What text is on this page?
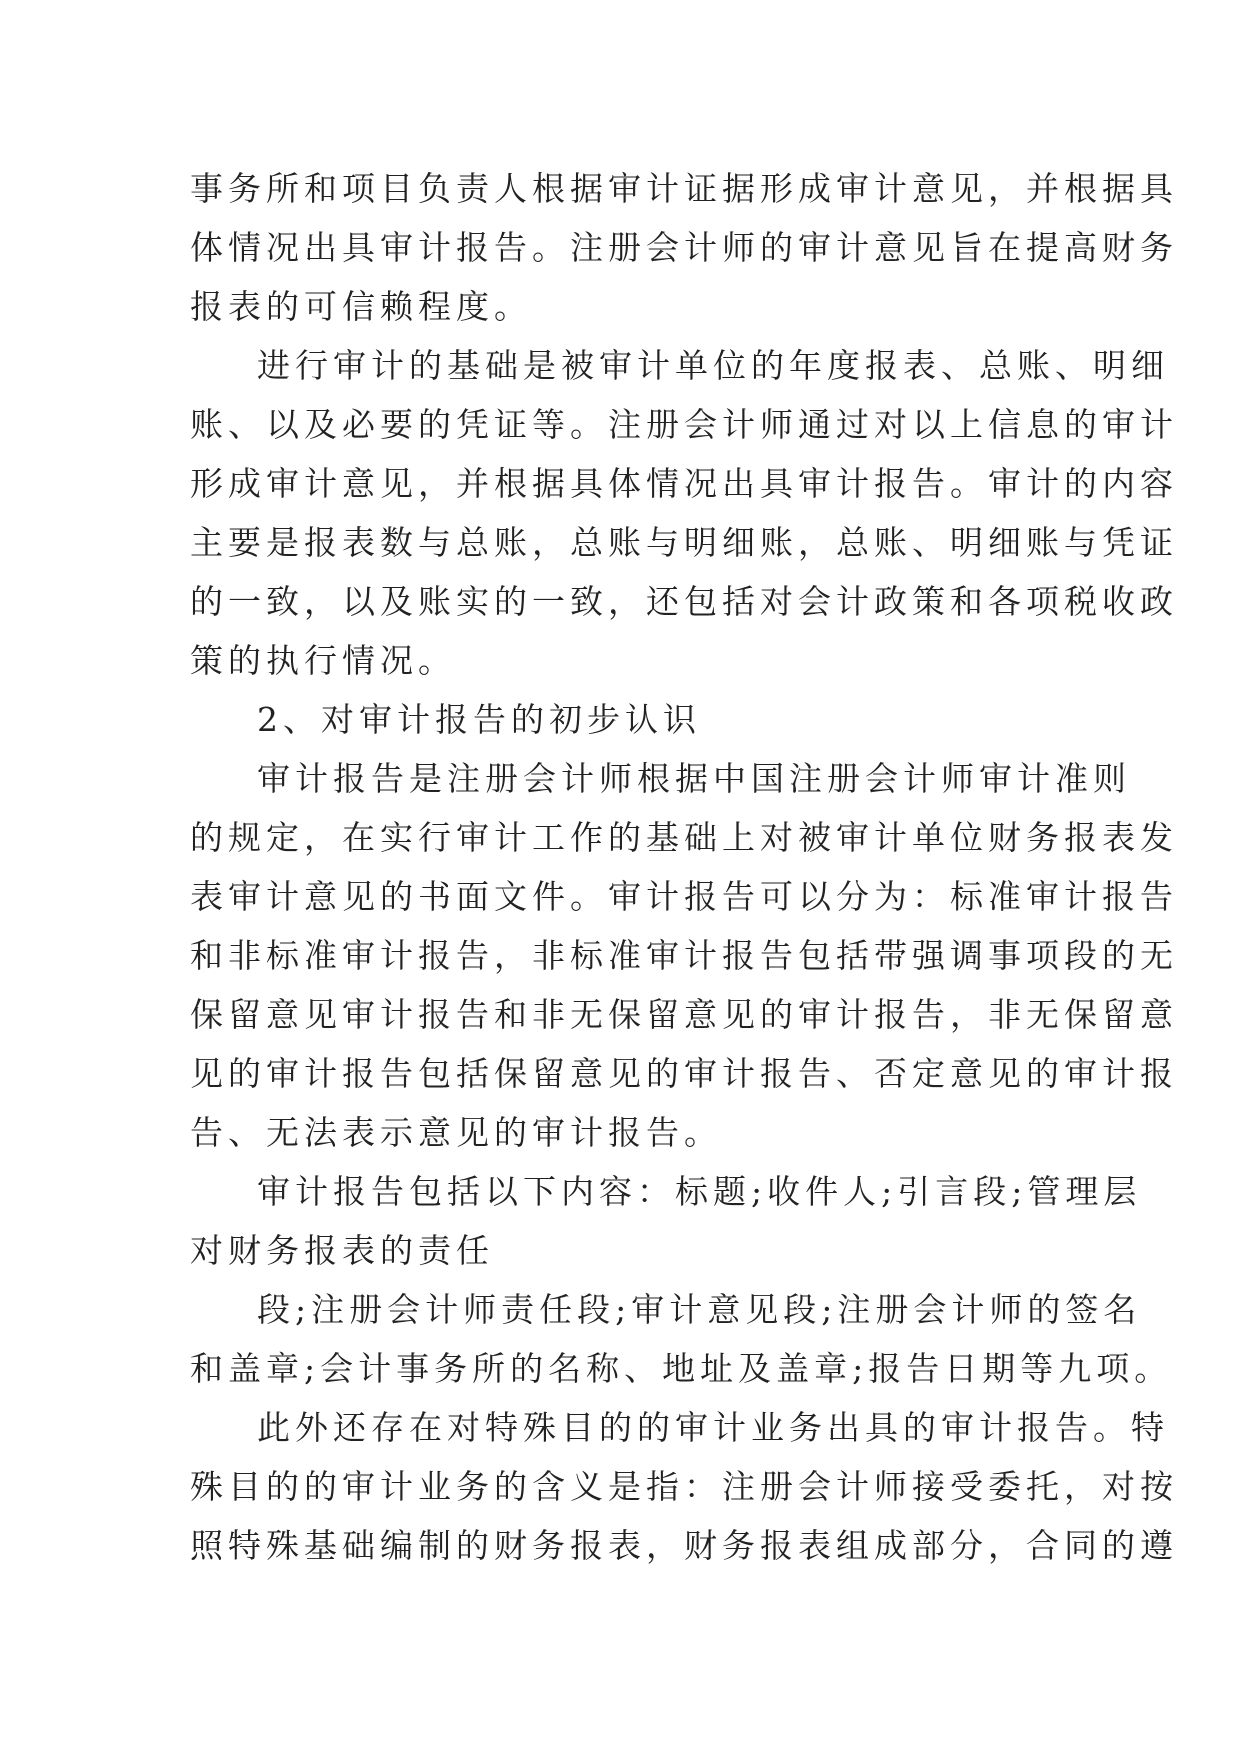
事务所和项目负责人根据审计证据形成审计意见，并根据具
体情况出具审计报告。注册会计师的审计意见旨在提高财务
报表的可信赖程度。
进行审计的基础是被审计单位的年度报表、总账、明细
账、以及必要的凭证等。注册会计师通过对以上信息的审计
形成审计意见，并根据具体情况出具审计报告。审计的内容
主要是报表数与总账，总账与明细账，总账、明细账与凭证
的一致，以及账实的一致，还包括对会计政策和各项税收政
策的执行情况。
2、对审计报告的初步认识
审计报告是注册会计师根据中国注册会计师审计准则
的规定，在实行审计工作的基础上对被审计单位财务报表发
表审计意见的书面文件。审计报告可以分为：标准审计报告
和非标准审计报告，非标准审计报告包括带强调事项段的无
保留意见审计报告和非无保留意见的审计报告，非无保留意
见的审计报告包括保留意见的审计报告、否定意见的审计报
告、无法表示意见的审计报告。
审计报告包括以下内容：标题;收件人;引言段;管理层
对财务报表的责任
段;注册会计师责任段;审计意见段;注册会计师的签名
和盖章;会计事务所的名称、地址及盖章;报告日期等九项。
此外还存在对特殊目的的审计业务出具的审计报告。特
殊目的的审计业务的含义是指：注册会计师接受委托，对按
照特殊基础编制的财务报表，财务报表组成部分，合同的遵
